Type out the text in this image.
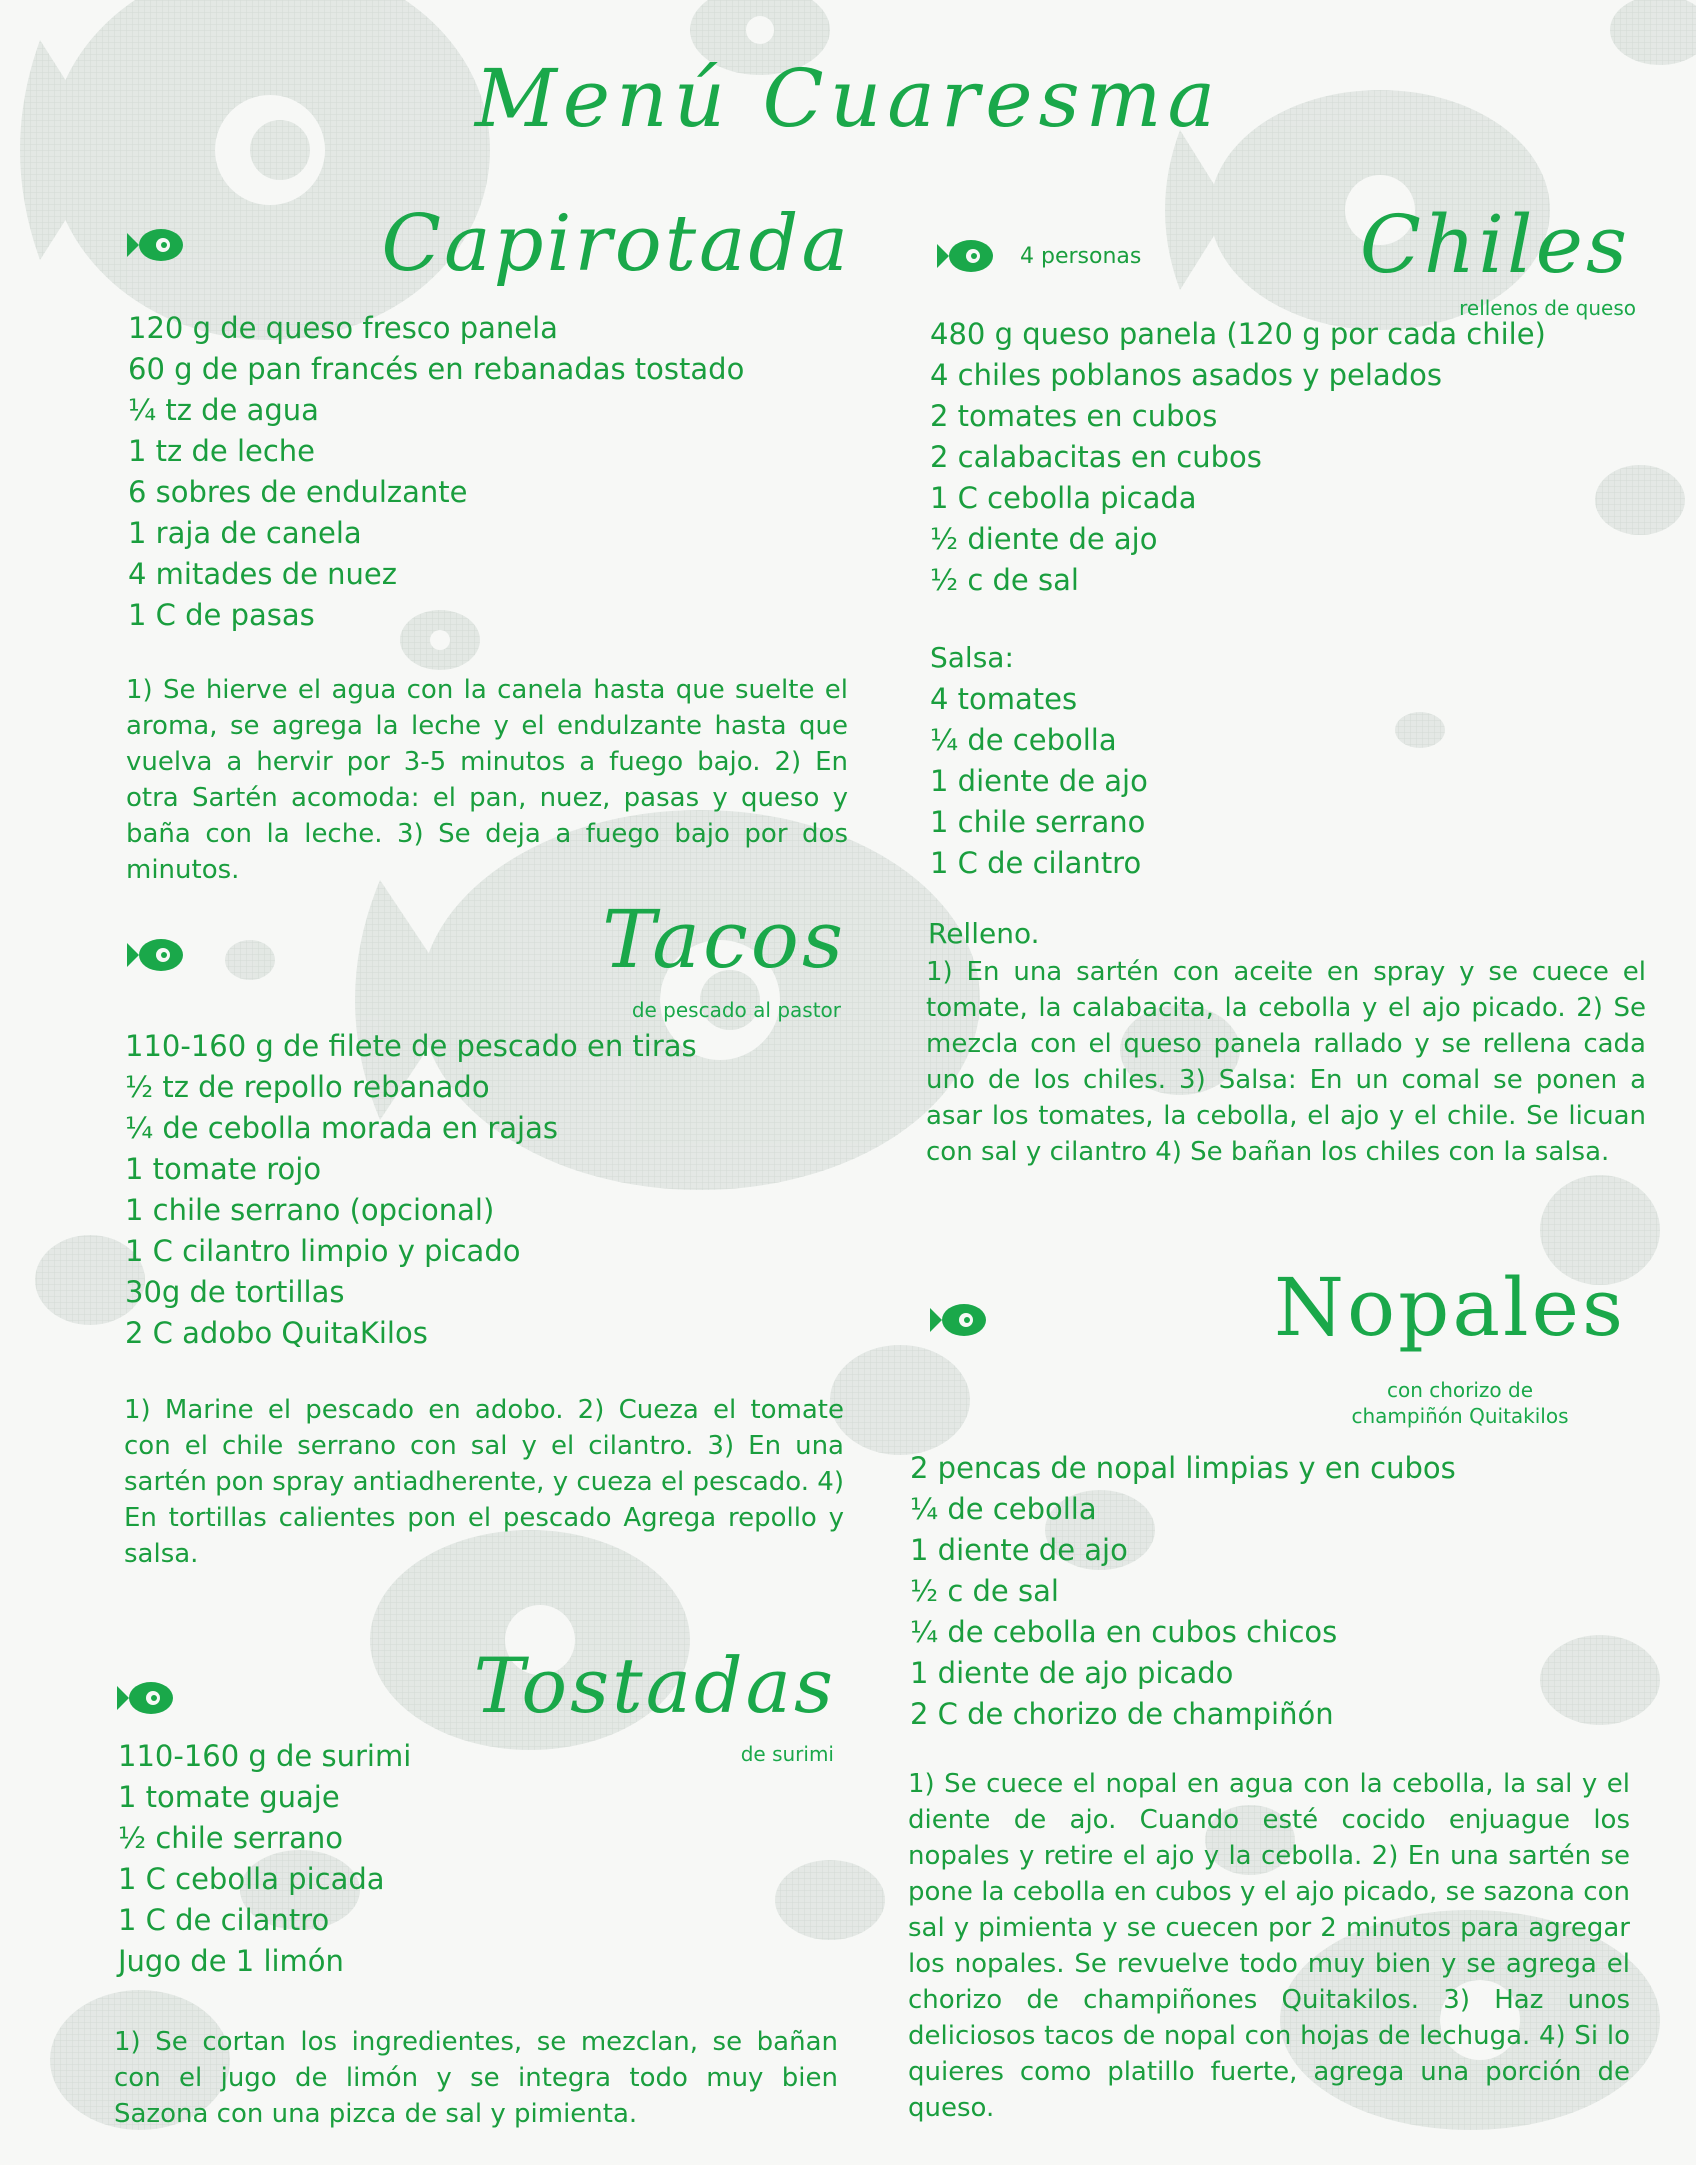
Menú Cuaresma
Capirotada
120 g de queso fresco panela
60 g de pan francés en rebanadas tostado
¼ tz de agua
1 tz de leche
6 sobres de endulzante
1 raja de canela
4 mitades de nuez
1 C de pasas
1) Se hierve el agua con la canela hasta que suelte el aroma, se agrega la leche y el endulzante hasta que vuelva a hervir por 3-5 minutos a fuego bajo. 2) En otra Sartén acomoda: el pan, nuez, pasas y queso y baña con la leche. 3) Se deja a fuego bajo por dos minutos.
Tacos
de pescado al pastor
110-160 g de filete de pescado en tiras
½ tz de repollo rebanado
¼ de cebolla morada en rajas
1 tomate rojo
1 chile serrano (opcional)
1 C cilantro limpio y picado
30g de tortillas
2 C adobo QuitaKilos
1) Marine el pescado en adobo. 2) Cueza el tomate con el chile serrano con sal y el cilantro. 3) En una sartén pon spray antiadherente, y cueza el pescado. 4) En tortillas calientes pon el pescado Agrega repollo y salsa.
Tostadas
de surimi
110-160 g de surimi
1 tomate guaje
½ chile serrano
1 C cebolla picada
1 C de cilantro
Jugo de 1 limón
1) Se cortan los ingredientes, se mezclan, se bañan con el jugo de limón y se integra todo muy bien Sazona con una pizca de sal y pimienta.
4 personas	Chiles
rellenos de queso
480 g queso panela (120 g por cada chile)
4 chiles poblanos asados y pelados
2 tomates en cubos
2 calabacitas en cubos
1 C cebolla picada
½ diente de ajo
½ c de sal
Salsa:
4 tomates
¼ de cebolla
1 diente de ajo
1 chile serrano
1 C de cilantro
Relleno.
1) En una sartén con aceite en spray y se cuece el tomate, la calabacita, la cebolla y el ajo picado. 2) Se mezcla con el queso panela rallado y se rellena cada uno de los chiles. 3) Salsa: En un comal se ponen a asar los tomates, la cebolla, el ajo y el chile. Se licuan con sal y cilantro 4) Se bañan los chiles con la salsa.
Nopales
con chorizo de
champiñón Quitakilos
2 pencas de nopal limpias y en cubos
¼ de cebolla
1 diente de ajo
½ c de sal
¼ de cebolla en cubos chicos
1 diente de ajo picado
2 C de chorizo de champiñón
1) Se cuece el nopal en agua con la cebolla, la sal y el diente de ajo. Cuando esté cocido enjuague los nopales y retire el ajo y la cebolla. 2) En una sartén se pone la cebolla en cubos y el ajo picado, se sazona con sal y pimienta y se cuecen por 2 minutos para agregar los nopales. Se revuelve todo muy bien y se agrega el chorizo de champiñones Quitakilos. 3) Haz unos deliciosos tacos de nopal con hojas de lechuga. 4) Si lo quieres como platillo fuerte, agrega una porción de queso.
